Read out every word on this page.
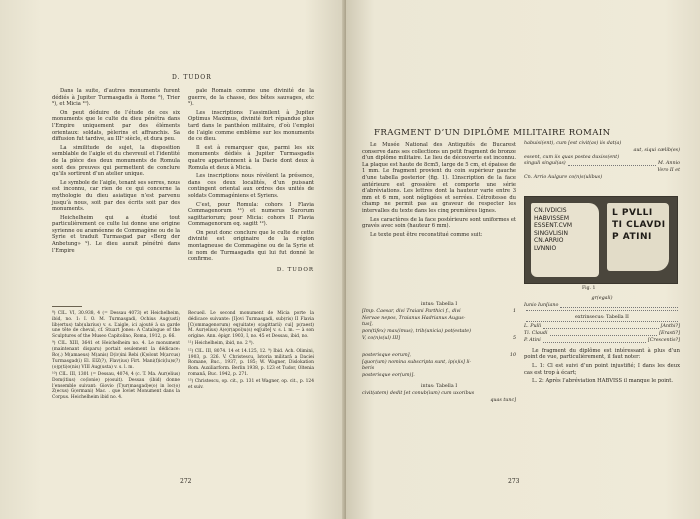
D. TUDOR

Dans la suite, d’autres monuments furent dédiés à Jupiter Turmasgadis à Rome ⁸), Trier ⁹), et Micia ¹⁰).

On peut déduire de l’étude de ces six monuments que le culte du dieu pénétra dans l’Empire uniquement par des éléments orientaux: soldats, pèlerins et affranchis. Sa diffusion fut tardive, au IIIᵉ siècle, et dura peu.

La similitude de sujet, la disposition semblable de l’aigle et du chevreuil et l’identité de la pièce des deux monuments de Romula sont des preuves qui permettent de conclure qu’ils sortirent d’un atelier unique.

Le symbole de l’aigle, tenant ses serres, nous est inconnu, car rien de ce qui concerne la mythologie du dieu asiatique n’est parvenu jusqu’à nous, soit par des écrits soit par des monuments.

Heichelheim qui a étudié tout particulièrement ce culte lui donne une origine syrienne ou araméenne de Commagène ou de la Syrie et traduit Turmasgad par «Berg der Anbetung» ⁹). Le dieu aurait pénétré dans l’Empire

païe Romain comme une divinité de la guerre, de la chasse, des bêtes sauvages, etc ⁹).

Les inscriptions l’assimilent à Jupiter Optimus Maximus, divinité fort répandue plus tard dans le panthéon militaire, d’où l’emploi de l’aigle comme emblème sur les monuments de ce dieu.

Il est à remarquer que, parmi les six monuments dédiés à Jupiter Turmasgadis quatre appartiennent à la Dacie dont deux à Romula et deux à Micia.

Les inscriptions nous révèlent la présence, dans ces deux localités, d’un puissant contingent oriental aux ordres des unités de soldats Commagéniens et Syriens.

C’est, pour Romula: cohors I Flavia Commagenorum ¹¹) et numerus Surorum sagittariorum; pour Micia: cohors II Flavia Commagenorum eq. sagitt ¹²).

On peut donc conclure que le culte de cette divinité est originaire de la région montagneuse de Commagène ou de la Syrie et le nom de Turmasgadis qui lui fut donné le confirme.

D. TUDOR

⁸) CIL. VI, 30.938, 4 (= Dessau 4073) et Heichelheim, ibid, no. 1: I. O. M. Turmasgadi, Ochius Aug(usti) lib(ertus) tab(ularius) v. s. L’aigle, ici ajouté à sa garde une tête de cheval, cf. Stuart Jones: A Catalogue of the Sculptures of the Museo Capitolino, Roma, 1912, p. 66.

⁹) CIL. XIII, 3641 et Heichelheim no. 4. Le monument (maintenant disparu) portait seulement la dédicace: Ro(.) M(amaeus) M(anis) D(iv)ini Rebi (K)olont M(arcus) Turmasgad(i) El. EIZ(?), Flav(ius) Firt. Mani(f)ici(lu)s(?) (o)p(ti)o(nis) VIII Aug(usta) v. s. l. m.

¹⁰) CIL. III, 1301 (= Dessau, 4074, 4 (c. T. Ma. Aur(elius) Dom(itius) co(lonie) p(osuit). Dessau (ibid) donne l’ensemble suivant: Giovio (T)ur(masgad)e(o) in loc(o) Z(ecus) G(ermani) Mac. . que Ioviet Monument dans la Corpus. Heichelheim ibid no. 4.

Recueil. Le second monument de Micia porte la dédicace suivante: [I]ovi Turmasgadi, sub(ris) II Flavia [C(ommagenorum) eq(uitate) s(agittarii) cui] p(raest) M. Aur(elius) A(e)r(apol)u(s) eq[uite] v. s. l. m. — à son origine. Ann. épigr. 1903, I, no. 45 et Dessau, ibid, no.

¹¹) Heichelheim, ibid, no. 2 ⁸).

¹²) CIL. III, 8074. 14 et 14.125, 12. ⁹) Ibid. Ach. Olimini, 1903, p. 326. V. Christescu, Istoria militară a Daciei Romane, Buc., 1937, p. 185; W. Wagner, Dislokation Rom. Auxiliarform. Berlin 1938, p. 123 et Tudor, Oltenia romană, Buc. 1942, p. 271.

¹³) Christescu, op. cit., p. 131 et Wagner, op. cit., p. 124 et suiv.

272
FRAGMENT D’UN DIPLÔME MILITAIRE ROMAIN

Le Musée National des Antiquités de Bucarest conserve dans ses collections un petit fragment de bronze d’un diplôme militaire. Le lieu de découverte est inconnu. La plaque est haute de 8cm5, large de 5 cm, et épaisse de 1 mm. Le fragment provient du coin supérieur gauche d’une tabella posterior (fig. 1). L’inscription de la face antérieure est grossière et comporte une série d’abréviations. Les lettres dont la hauteur varie entre 3 mm et 6 mm, sont négligées et serrées. L’étroitesse du champ ne permit pas au graveur de respecter les intervalles du texte dans les cinq premières lignes.

Les caractères de la face postérieure sont uniformes et gravés avec soin (hauteur 6 mm).

Le texte peut être reconstitué comme suit:

habuisi(ent), cum [est civit(as) iis dat(a)
aut, siqui cælib(es)
essent, cum iis quas postea duxiss(ent)
singuli singul(as)	M. Annio
Vero II et
Cn. Arrio Aulgure co(n)s(ulibus)
CN.IVDICIS
HABVISSEM
ESSENT.CVM
SINGVLISIN
CN.ARRIO
LVNNIO
L PVLLI
TI CLAVDI
P ATINI
Fig. 1
intus: Tabella I
[Imp. Caesar, divi Traiani Parthici f., divi	1
Nervae nepos, Traianus Hadrianus Augus-
tus],
pon(tifex) max(imus), trib(unicia) pot(estate)
V, co(n)s(ul) III]	5
posterisque eorum],	10
[quor(um) nomina subscripta sunt, ip(s)is] li-
beris
posterisque eor(um)].
intus: Tabella I
civit(atem) dedit [et conub(ium) cum uxoribus
quas tunc]
gr(egali)
Iunio Iun[iano
extrinsecus: Tabella II
L. Pulli	[Anthi?]
Ti. Claudi	[Erasti?]
P. Atini	[Crescentis?]

Le fragment du diplôme est intéressant à plus d’un point de vue, particulièrement, il faut noter:

L. 1: Cl est suivi d’un point injustifié; I dans les deux cas est trop à écart;

L. 2: Après l’abréviation HABVISS il manque le point.

273
